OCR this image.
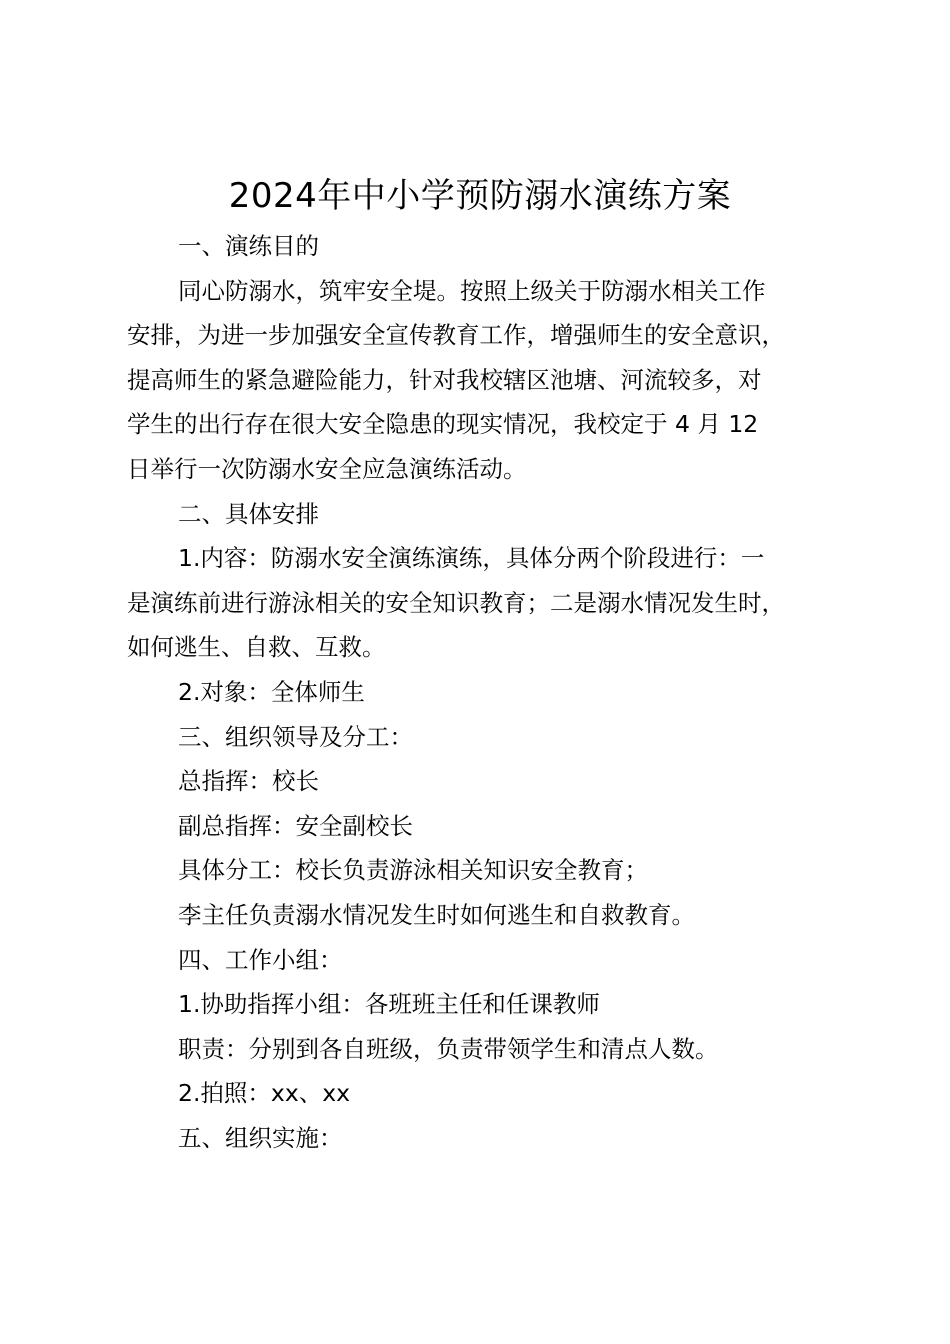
2024年中小学预防溺水演练方案

一、演练目的

同心防溺水，筑牢安全堤。按照上级关于防溺水相关工作

安排，为进一步加强安全宣传教育工作，增强师生的安全意识，

提高师生的紧急避险能力，针对我校辖区池塘、河流较多，对

学生的出行存在很大安全隐患的现实情况，我校定于 4 月 12

日举行一次防溺水安全应急演练活动。

二、具体安排

1.内容：防溺水安全演练演练，具体分两个阶段进行：一

是演练前进行游泳相关的安全知识教育；二是溺水情况发生时，

如何逃生、自救、互救。

2.对象：全体师生

三、组织领导及分工：

总指挥：校长

副总指挥：安全副校长

具体分工：校长负责游泳相关知识安全教育；

李主任负责溺水情况发生时如何逃生和自救教育。

四、工作小组：

1.协助指挥小组：各班班主任和任课教师

职责：分别到各自班级，负责带领学生和清点人数。

2.拍照：xx、xx

五、组织实施：
